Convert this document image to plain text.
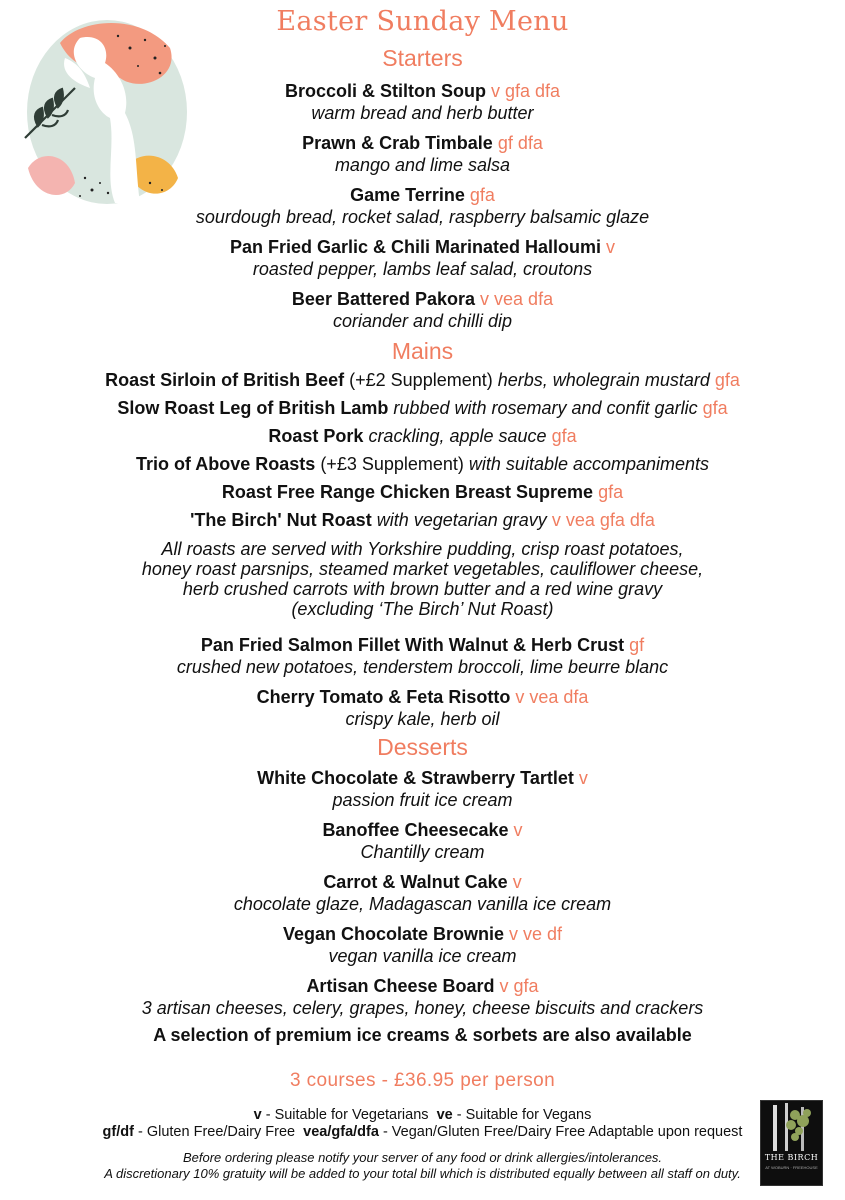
Easter Sunday Menu
Starters
Broccoli & Stilton Soup v gfa dfa
warm bread and herb butter
Prawn & Crab Timbale gf dfa
mango and lime salsa
Game Terrine gfa
sourdough bread, rocket salad, raspberry balsamic glaze
Pan Fried Garlic & Chili Marinated Halloumi v
roasted pepper, lambs leaf salad, croutons
Beer Battered Pakora v vea dfa
coriander and chilli dip
Mains
Roast Sirloin of British Beef (+£2 Supplement) herbs, wholegrain mustard gfa
Slow Roast Leg of British Lamb rubbed with rosemary and confit garlic gfa
Roast Pork crackling, apple sauce gfa
Trio of Above Roasts (+£3 Supplement) with suitable accompaniments
Roast Free Range Chicken Breast Supreme gfa
'The Birch' Nut Roast with vegetarian gravy v vea gfa dfa
All roasts are served with Yorkshire pudding, crisp roast potatoes,
honey roast parsnips, steamed market vegetables, cauliflower cheese,
herb crushed carrots with brown butter and a red wine gravy
(excluding ‘The Birch’ Nut Roast)
Pan Fried Salmon Fillet With Walnut & Herb Crust gf
crushed new potatoes, tenderstem broccoli, lime beurre blanc
Cherry Tomato & Feta Risotto v vea dfa
crispy kale, herb oil
Desserts
White Chocolate & Strawberry Tartlet v
passion fruit ice cream
Banoffee Cheesecake v
Chantilly cream
Carrot & Walnut Cake v
chocolate glaze, Madagascan vanilla ice cream
Vegan Chocolate Brownie v ve df
vegan vanilla ice cream
Artisan Cheese Board v gfa
3 artisan cheeses, celery, grapes, honey, cheese biscuits and crackers
A selection of premium ice creams & sorbets are also available
3 courses - £36.95 per person
v - Suitable for Vegetarians  ve - Suitable for Vegans
gf/df - Gluten Free/Dairy Free  vea/gfa/dfa - Vegan/Gluten Free/Dairy Free Adaptable upon request
Before ordering please notify your server of any food or drink allergies/intolerances.
A discretionary 10% gratuity will be added to your total bill which is distributed equally between all staff on duty.
THE BIRCH
AT WOBURN · FREEHOUSE
